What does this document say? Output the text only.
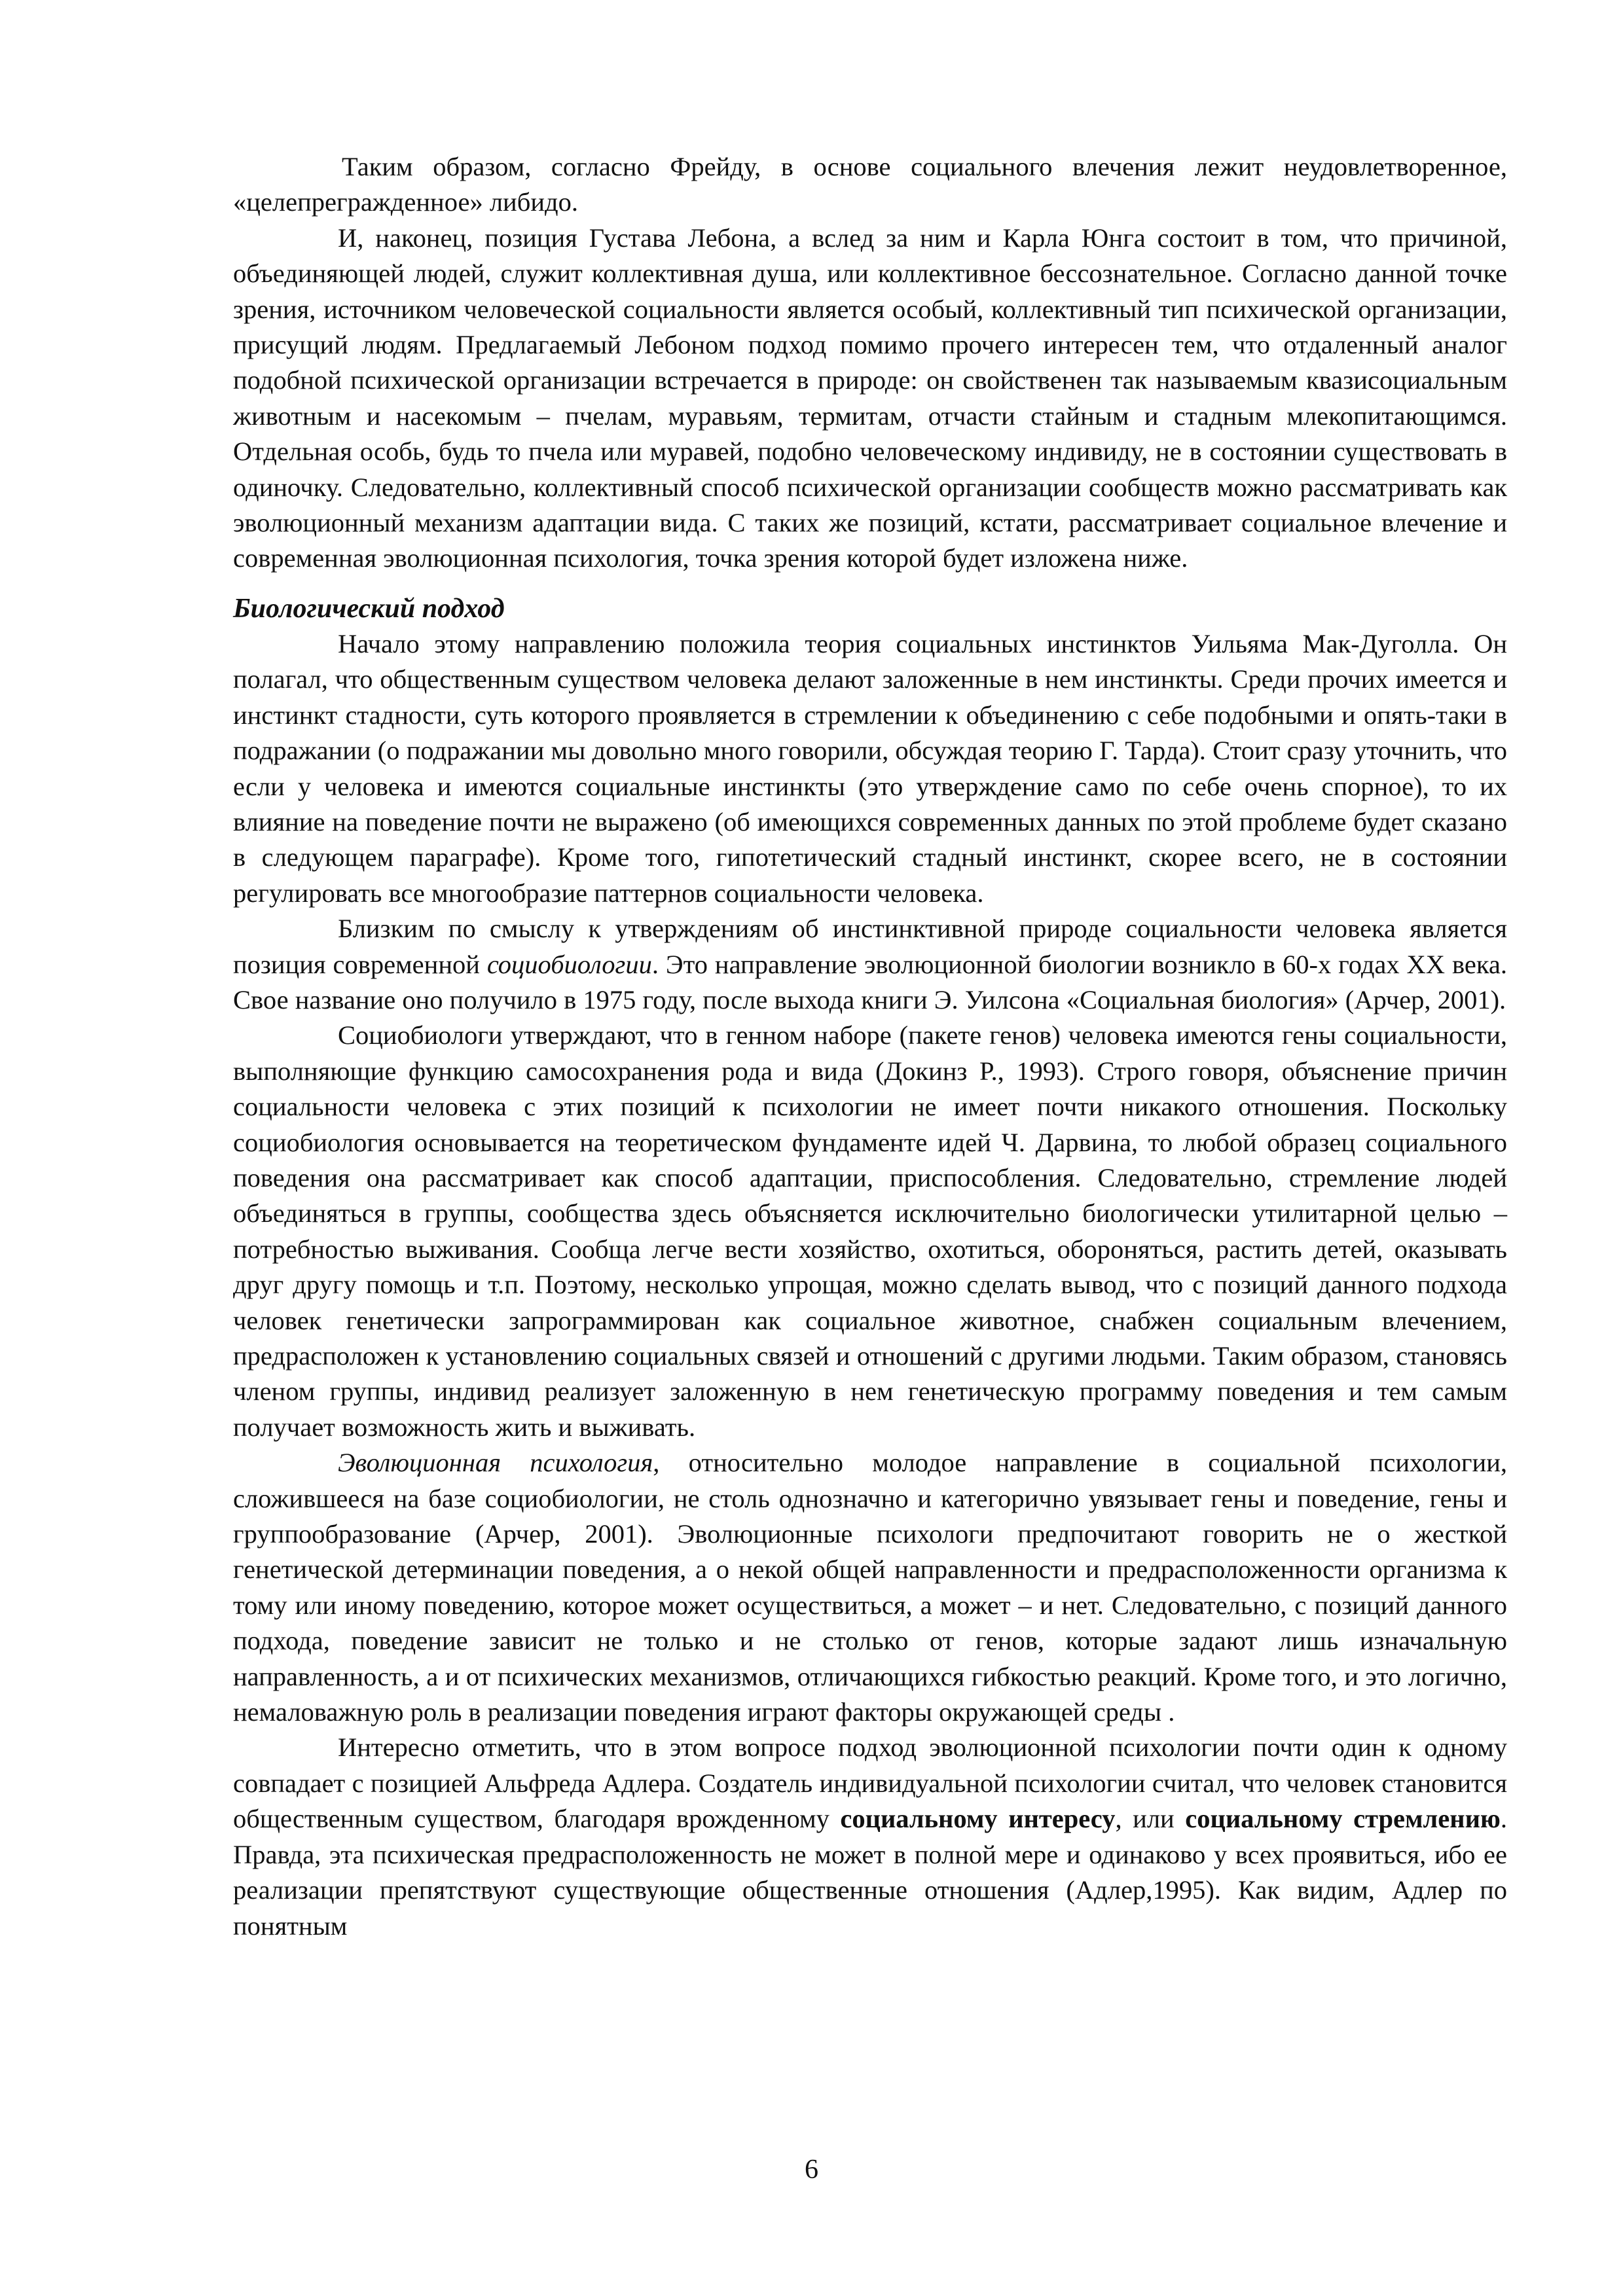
Таким образом, согласно Фрейду, в основе социального влечения лежит неудовлетворенное, «целепрегражденное» либидо.

И, наконец, позиция Густава Лебона, а вслед за ним и Карла Юнга состоит в том, что причиной, объединяющей людей, служит коллективная душа, или коллективное бессознательное. Согласно данной точке зрения, источником человеческой социальности является особый, коллективный тип психической организации, присущий людям. Предлагаемый Лебоном подход помимо прочего интересен тем, что отдаленный аналог подобной психической организации встречается в природе: он свойственен так называемым квазисоциальным животным и насекомым – пчелам, муравьям, термитам, отчасти стайным и стадным млекопитающимся. Отдельная особь, будь то пчела или муравей, подобно человеческому индивиду, не в состоянии существовать в одиночку. Следовательно, коллективный способ психической организации сообществ можно рассматривать как эволюционный механизм адаптации вида. С таких же позиций, кстати, рассматривает социальное влечение и современная эволюционная психология, точка зрения которой будет изложена ниже.

Биологический подход

Начало этому направлению положила теория социальных инстинктов Уильяма Мак-Дуголла. Он полагал, что общественным существом человека делают заложенные в нем инстинкты. Среди прочих имеется и инстинкт стадности, суть которого проявляется в стремлении к объединению с себе подобными и опять-таки в подражании (о подражании мы довольно много говорили, обсуждая теорию Г. Тарда). Стоит сразу уточнить, что если у человека и имеются социальные инстинкты (это утверждение само по себе очень спорное), то их влияние на поведение почти не выражено (об имеющихся современных данных по этой проблеме будет сказано в следующем параграфе). Кроме того, гипотетический стадный инстинкт, скорее всего, не в состоянии регулировать все многообразие паттернов социальности человека.

Близким по смыслу к утверждениям об инстинктивной природе социальности человека является позиция современной социобиологии. Это направление эволюционной биологии возникло в 60-х годах XX века. Свое название оно получило в 1975 году, после выхода книги Э. Уилсона «Социальная биология» (Арчер, 2001).

Социобиологи утверждают, что в генном наборе (пакете генов) человека имеются гены социальности, выполняющие функцию самосохранения рода и вида (Докинз Р., 1993). Строго говоря, объяснение причин социальности человека с этих позиций к психологии не имеет почти никакого отношения. Поскольку социобиология основывается на теоретическом фундаменте идей Ч. Дарвина, то любой образец социального поведения она рассматривает как способ адаптации, приспособления. Следовательно, стремление людей объединяться в группы, сообщества здесь объясняется исключительно биологически утилитарной целью – потребностью выживания. Сообща легче вести хозяйство, охотиться, обороняться, растить детей, оказывать друг другу помощь и т.п. Поэтому, несколько упрощая, можно сделать вывод, что с позиций данного подхода человек генетически запрограммирован как социальное животное, снабжен социальным влечением, предрасположен к установлению социальных связей и отношений с другими людьми. Таким образом, становясь членом группы, индивид реализует заложенную в нем генетическую программу поведения и тем самым получает возможность жить и выживать.

Эволюционная психология, относительно молодое направление в социальной психологии, сложившееся на базе социобиологии, не столь однозначно и категорично увязывает гены и поведение, гены и группообразование (Арчер, 2001). Эволюционные психологи предпочитают говорить не о жесткой генетической детерминации поведения, а о некой общей направленности и предрасположенности организма к тому или иному поведению, которое может осуществиться, а может – и нет. Следовательно, с позиций данного подхода, поведение зависит не только и не столько от генов, которые задают лишь изначальную направленность, а и от психических механизмов, отличающихся гибкостью реакций. Кроме того, и это логично, немаловажную роль в реализации поведения играют факторы окружающей среды .

Интересно отметить, что в этом вопросе подход эволюционной психологии почти один к одному совпадает с позицией Альфреда Адлера. Создатель индивидуальной психологии считал, что человек становится общественным существом, благодаря врожденному социальному интересу, или социальному стремлению. Правда, эта психическая предрасположенность не может в полной мере и одинаково у всех проявиться, ибо ее реализации препятствуют существующие общественные отношения (Адлер,1995). Как видим, Адлер по понятным

6
